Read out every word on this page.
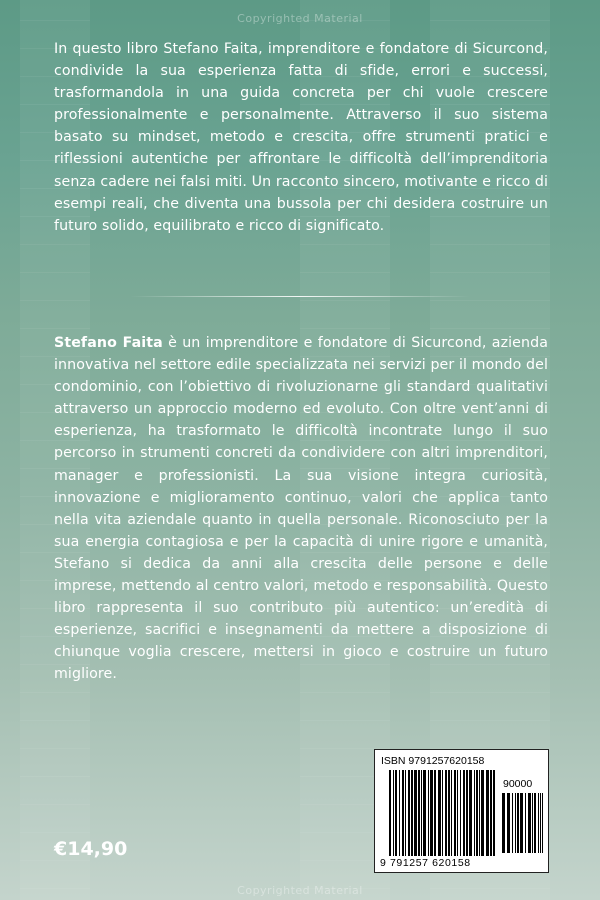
Copyrighted Material

In questo libro Stefano Faita, imprenditore e fondatore di Sicurcond, condivide la sua esperienza fatta di sfide, errori e successi, trasformandola in una guida concreta per chi vuole crescere professionalmente e personalmente. Attraverso il suo sistema basato su mindset, metodo e crescita, offre strumenti pratici e riflessioni autentiche per affrontare le difficoltà dell’imprenditoria senza cadere nei falsi miti. Un racconto sincero, motivante e ricco di esempi reali, che diventa una bussola per chi desidera costruire un futuro solido, equilibrato e ricco di significato.

Stefano Faita è un imprenditore e fondatore di Sicurcond, azienda innovativa nel settore edile specializzata nei servizi per il mondo del condominio, con l’obiettivo di rivoluzionarne gli standard qualitativi attraverso un approccio moderno ed evoluto. Con oltre vent’anni di esperienza, ha trasformato le difficoltà incontrate lungo il suo percorso in strumenti concreti da condividere con altri imprenditori, manager e professionisti. La sua visione integra curiosità, innovazione e miglioramento continuo, valori che applica tanto nella vita aziendale quanto in quella personale. Riconosciuto per la sua energia contagiosa e per la capacità di unire rigore e umanità, Stefano si dedica da anni alla crescita delle persone e delle imprese, mettendo al centro valori, metodo e responsabilità. Questo libro rappresenta il suo contributo più autentico: un’eredità di esperienze, sacrifici e insegnamenti da mettere a disposizione di chiunque voglia crescere, mettersi in gioco e costruire un futuro migliore.

€14,90
ISBN 9791257620158
90000
9 791257 620158
Copyrighted Material
